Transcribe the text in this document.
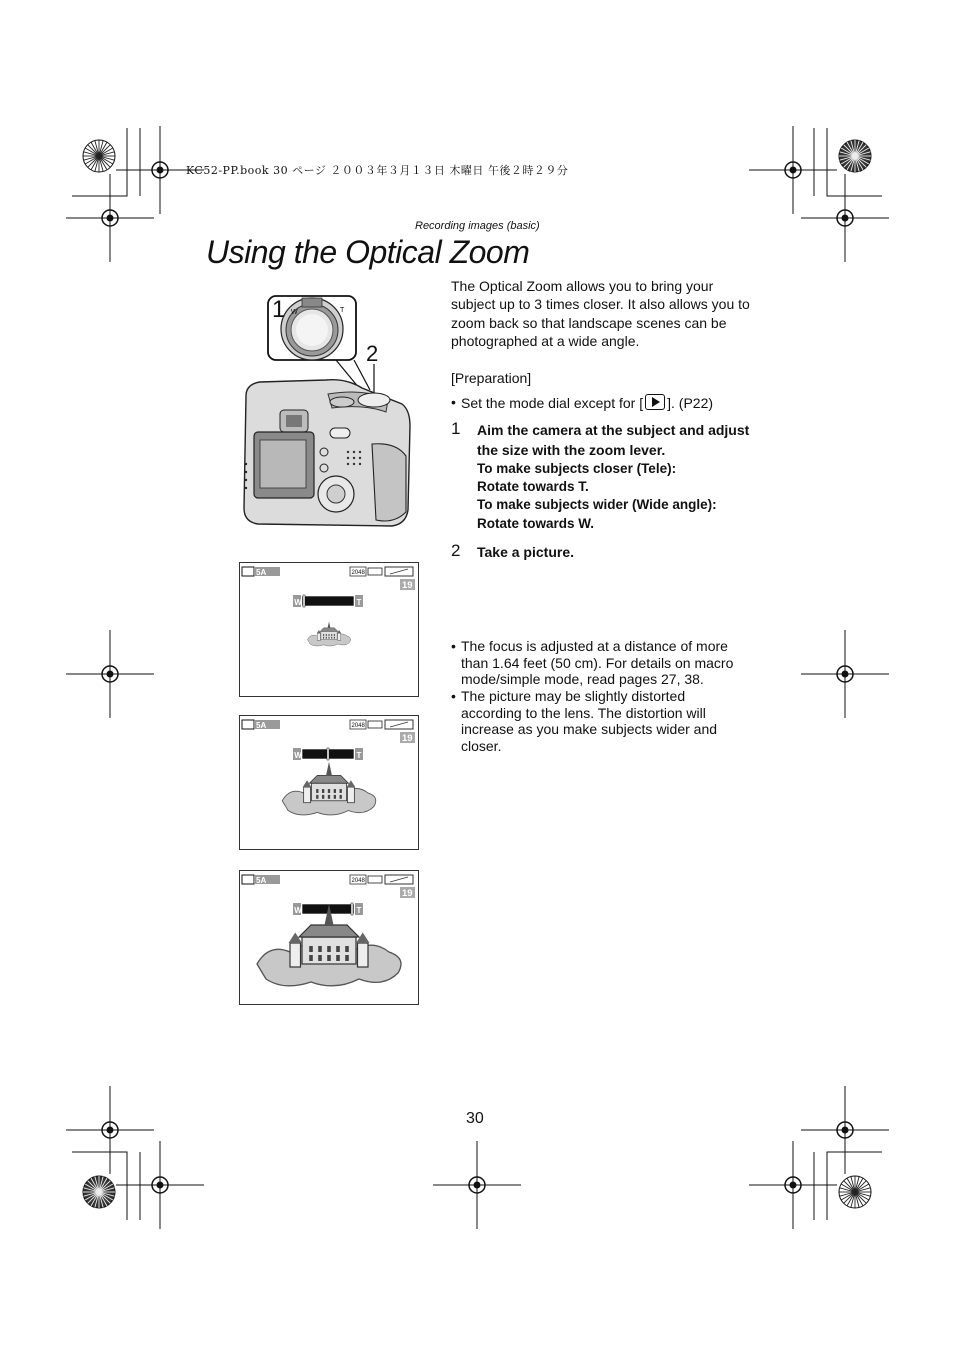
KC52-PP.book 30 ページ ２００３年３月１３日 木曜日 午後２時２９分
Recording images (basic)
Using the Optical Zoom
W	T
1
2
5A	2048
19
W	T
5A	2048
19
W	T
5A	2048
19
W	T
The Optical Zoom allows you to bring your subject up to 3 times closer. It also allows you to zoom back so that landscape scenes can be photographed at a wide angle.
[Preparation]
• Set the mode dial except for [ ]. (P22)
1 Aim the camera at the subject and adjust the size with the zoom lever.
To make subjects closer (Tele):
Rotate towards T.
To make subjects wider (Wide angle):
Rotate towards W.
2 Take a picture.
• The focus is adjusted at a distance of more than 1.64 feet (50 cm). For details on macro mode/simple mode, read pages 27, 38.
• The picture may be slightly distorted according to the lens. The distortion will increase as you make subjects wider and closer.
30
